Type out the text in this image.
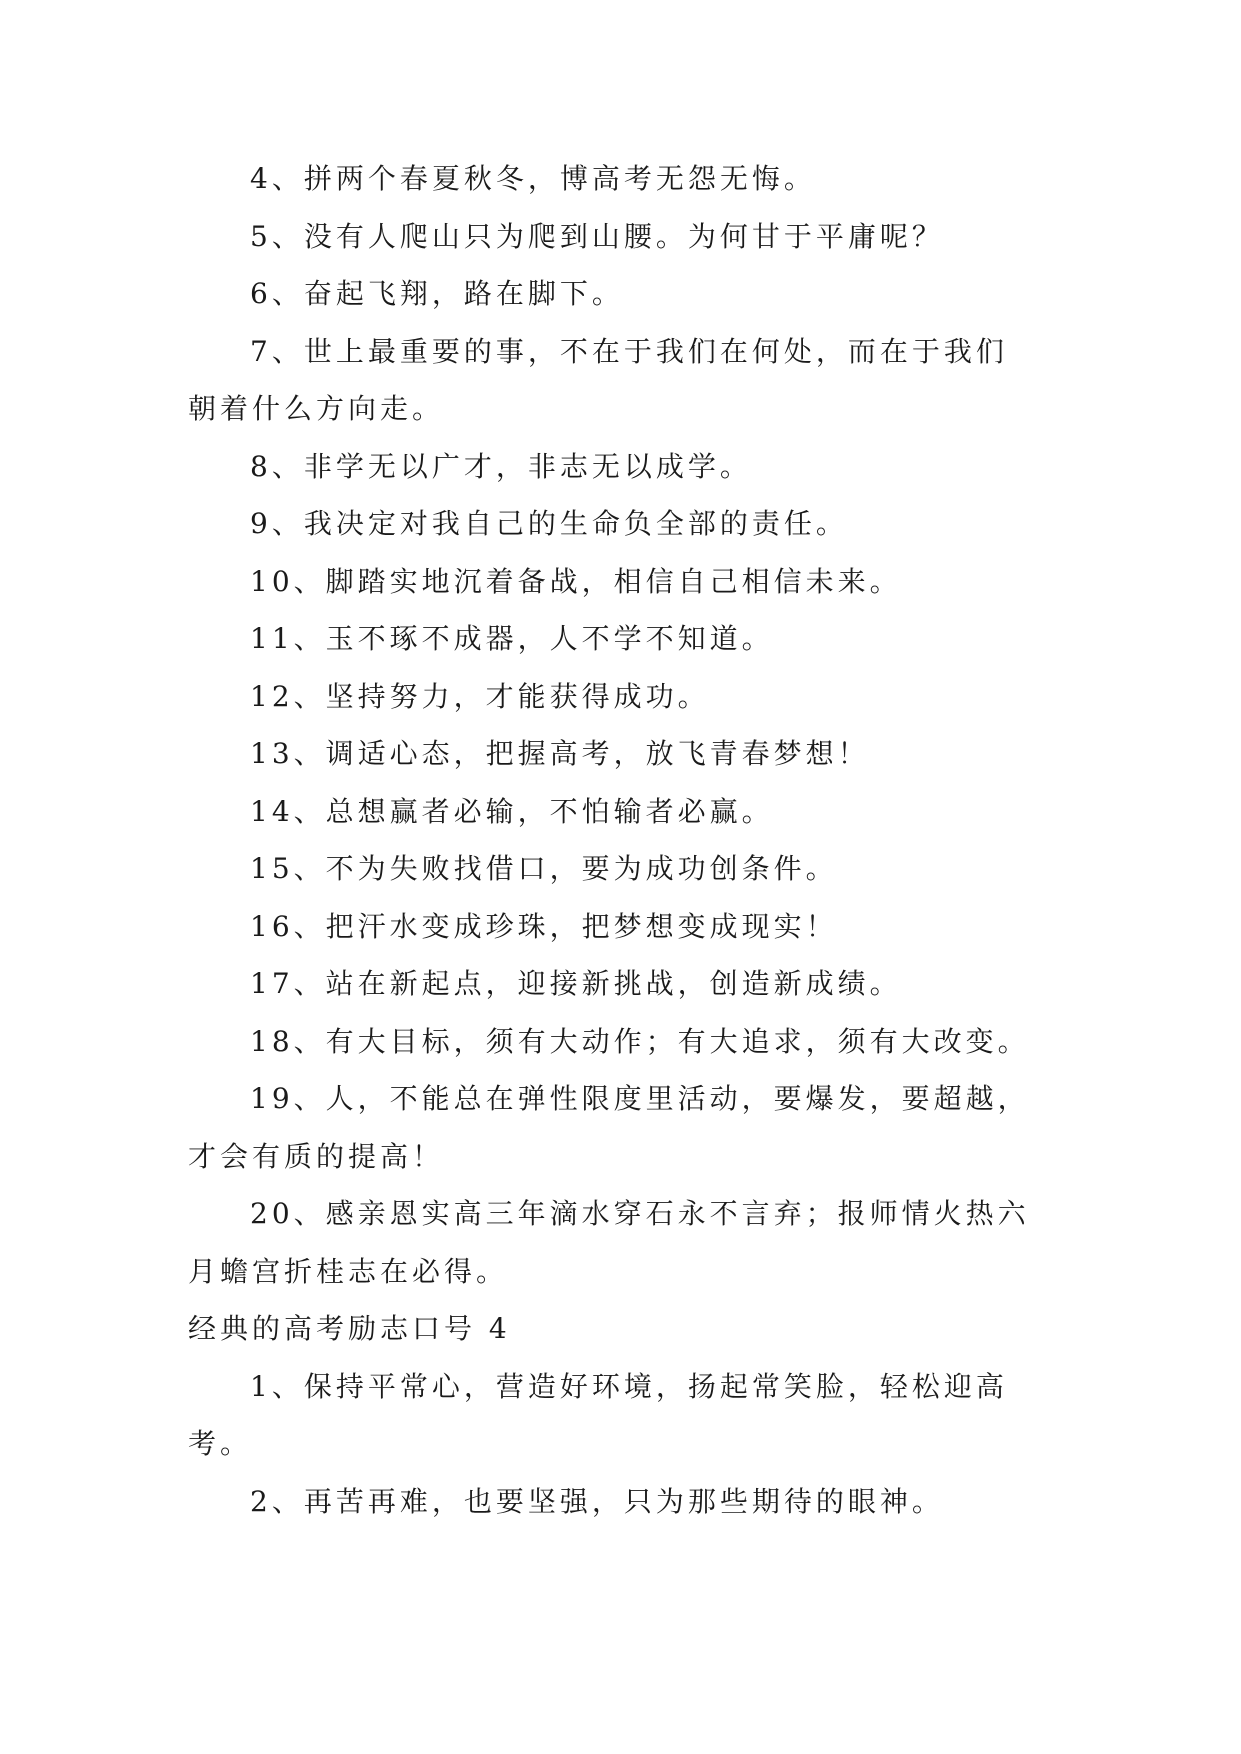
4、拼两个春夏秋冬，博高考无怨无悔。

5、没有人爬山只为爬到山腰。为何甘于平庸呢？

6、奋起飞翔，路在脚下。

7、世上最重要的事，不在于我们在何处，而在于我们

朝着什么方向走。

8、非学无以广才，非志无以成学。

9、我决定对我自己的生命负全部的责任。

10、脚踏实地沉着备战，相信自己相信未来。

11、玉不琢不成器，人不学不知道。

12、坚持努力，才能获得成功。

13、调适心态，把握高考，放飞青春梦想！

14、总想赢者必输，不怕输者必赢。

15、不为失败找借口，要为成功创条件。

16、把汗水变成珍珠，把梦想变成现实！

17、站在新起点，迎接新挑战，创造新成绩。

18、有大目标，须有大动作；有大追求，须有大改变。

19、人，不能总在弹性限度里活动，要爆发，要超越，

才会有质的提高！

20、感亲恩实高三年滴水穿石永不言弃；报师情火热六

月蟾宫折桂志在必得。

经典的高考励志口号 4

1、保持平常心，营造好环境，扬起常笑脸，轻松迎高

考。

2、再苦再难，也要坚强，只为那些期待的眼神。
